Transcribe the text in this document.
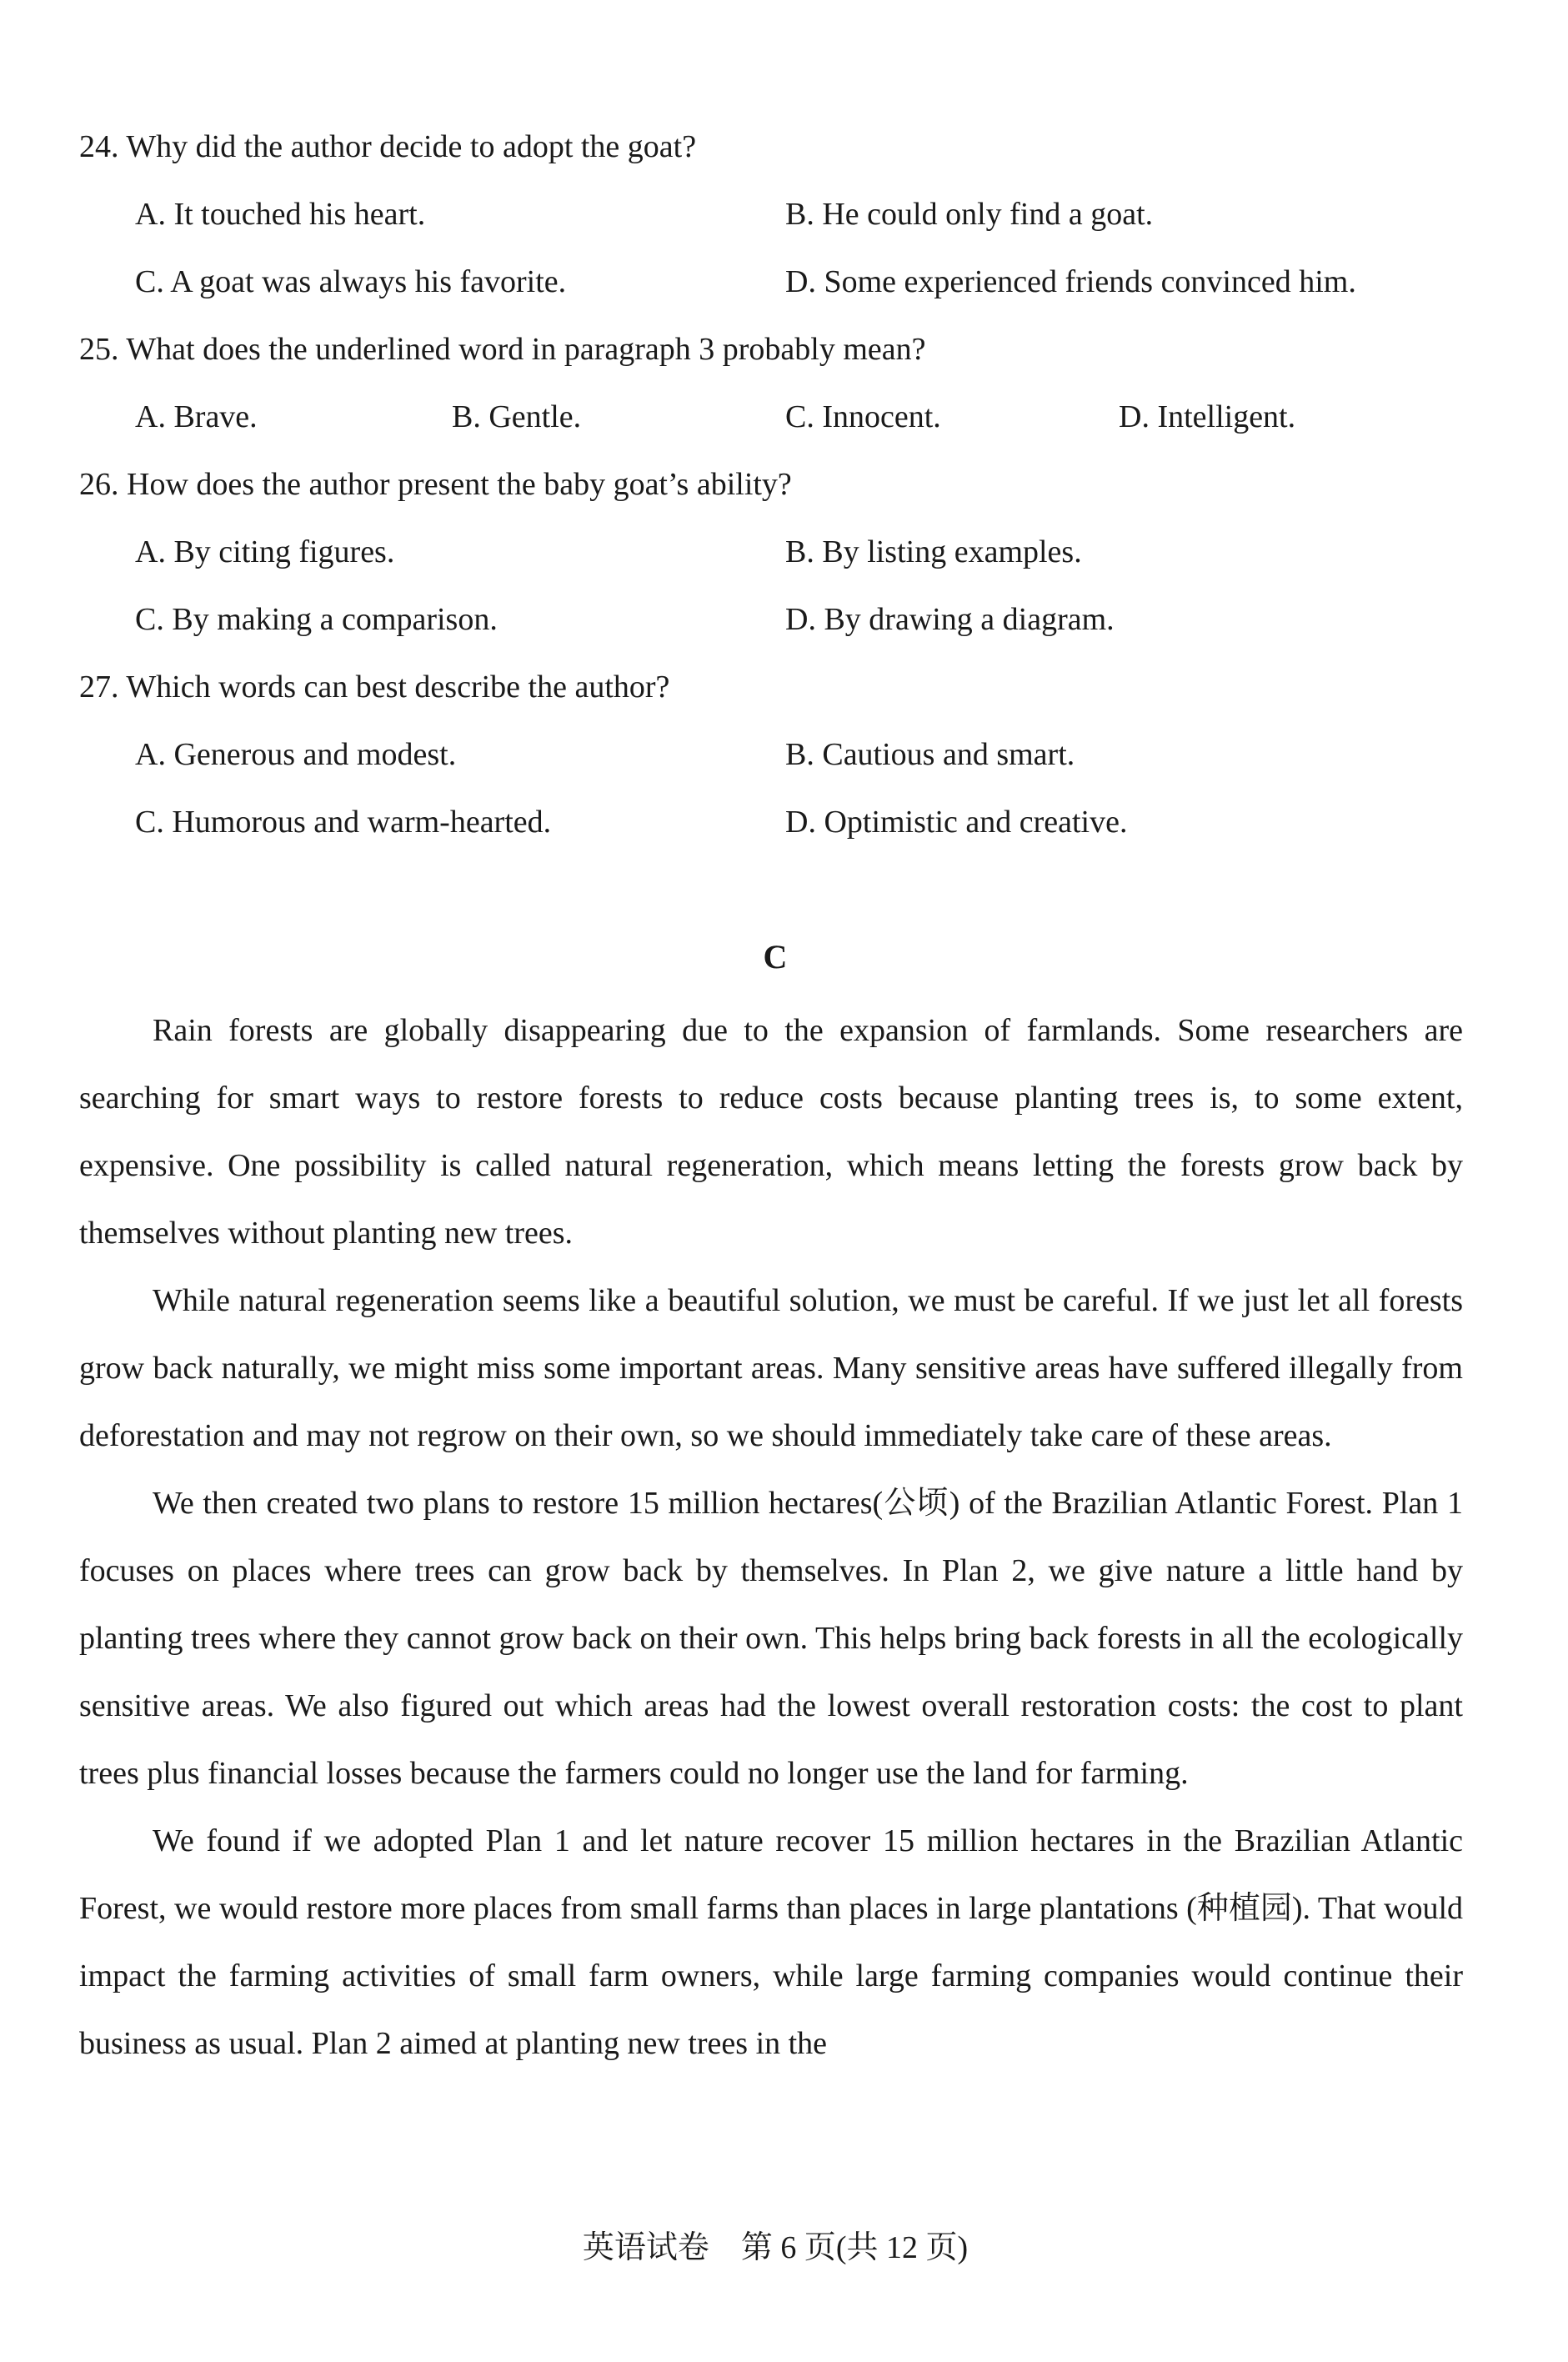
24. Why did the author decide to adopt the goat?
A. It touched his heart.	B. He could only find a goat.
C. A goat was always his favorite.	D. Some experienced friends convinced him.
25. What does the underlined word in paragraph 3 probably mean?
A. Brave.	B. Gentle.	C. Innocent.	D. Intelligent.
26. How does the author present the baby goat’s ability?
A. By citing figures.	B. By listing examples.
C. By making a comparison.	D. By drawing a diagram.
27. Which words can best describe the author?
A. Generous and modest.	B. Cautious and smart.
C. Humorous and warm-hearted.	D. Optimistic and creative.
C

Rain forests are globally disappearing due to the expansion of farmlands. Some researchers are searching for smart ways to restore forests to reduce costs because planting trees is, to some extent, expensive. One possibility is called natural regeneration, which means letting the forests grow back by themselves without planting new trees.

While natural regeneration seems like a beautiful solution, we must be careful. If we just let all forests grow back naturally, we might miss some important areas. Many sensitive areas have suffered illegally from deforestation and may not regrow on their own, so we should immediately take care of these areas.

We then created two plans to restore 15 million hectares(公顷) of the Brazilian Atlantic Forest. Plan 1 focuses on places where trees can grow back by themselves. In Plan 2, we give nature a little hand by planting trees where they cannot grow back on their own. This helps bring back forests in all the ecologically sensitive areas. We also figured out which areas had the lowest overall restoration costs: the cost to plant trees plus financial losses because the farmers could no longer use the land for farming.

We found if we adopted Plan 1 and let nature recover 15 million hectares in the Brazilian Atlantic Forest, we would restore more places from small farms than places in large plantations (种植园). That would impact the farming activities of small farm owners, while large farming companies would continue their business as usual. Plan 2 aimed at planting new trees in the

英语试卷　第 6 页(共 12 页)
